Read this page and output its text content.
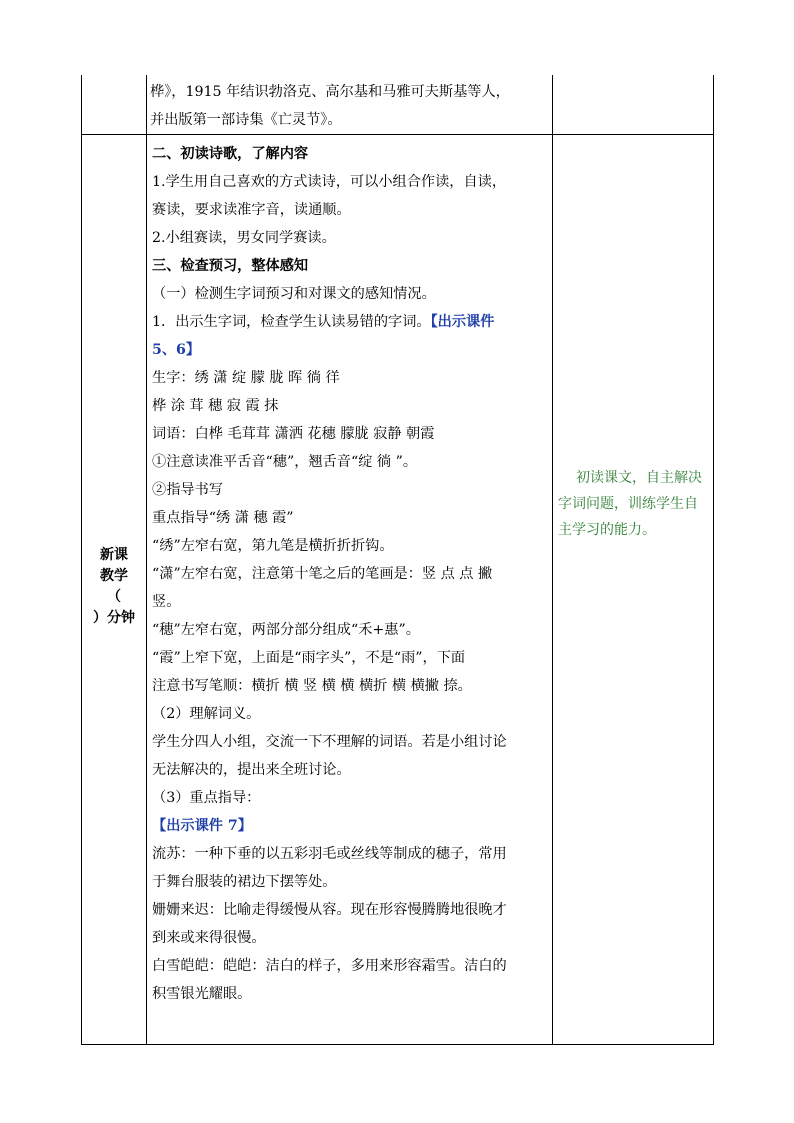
桦》，1915 年结识勃洛克、高尔基和马雅可夫斯基等人，
并出版第一部诗集《亡灵节》。
新课
教学
（
）分钟
二、初读诗歌，了解内容
1.学生用自己喜欢的方式读诗，可以小组合作读，自读，
赛读，要求读准字音，读通顺。
2.小组赛读，男女同学赛读。
三、检查预习，整体感知
（一）检测生字词预习和对课文的感知情况。
1．出示生字词，检查学生认读易错的字词。【出示课件
5、6】
生字：绣 潇 绽 朦 胧 晖 徜 徉
桦 涂 茸 穗 寂 霞 抹
词语：白桦 毛茸茸 潇洒 花穗 朦胧 寂静 朝霞
①注意读准平舌音“穗”，翘舌音“绽 徜 ”。
②指导书写
重点指导“绣 潇 穗 霞”
“绣”左窄右宽，第九笔是横折折折钩。
“潇”左窄右宽，注意第十笔之后的笔画是：竖 点 点 撇
竖。
“穗”左窄右宽，两部分部分组成“禾+惠”。
“霞”上窄下宽，上面是“雨字头”，不是“雨”，下面
注意书写笔顺：横折 横 竖 横 横 横折 横 横撇 捺。
（2）理解词义。
学生分四人小组，交流一下不理解的词语。若是小组讨论
无法解决的，提出来全班讨论。
（3）重点指导：
【出示课件 7】
流苏：一种下垂的以五彩羽毛或丝线等制成的穗子，常用
于舞台服装的裙边下摆等处。
姗姗来迟：比喻走得缓慢从容。现在形容慢腾腾地很晚才
到来或来得很慢。
白雪皑皑：皑皑：洁白的样子，多用来形容霜雪。洁白的
积雪银光耀眼。
初读课文，自主解决
字词问题，训练学生自
主学习的能力。
